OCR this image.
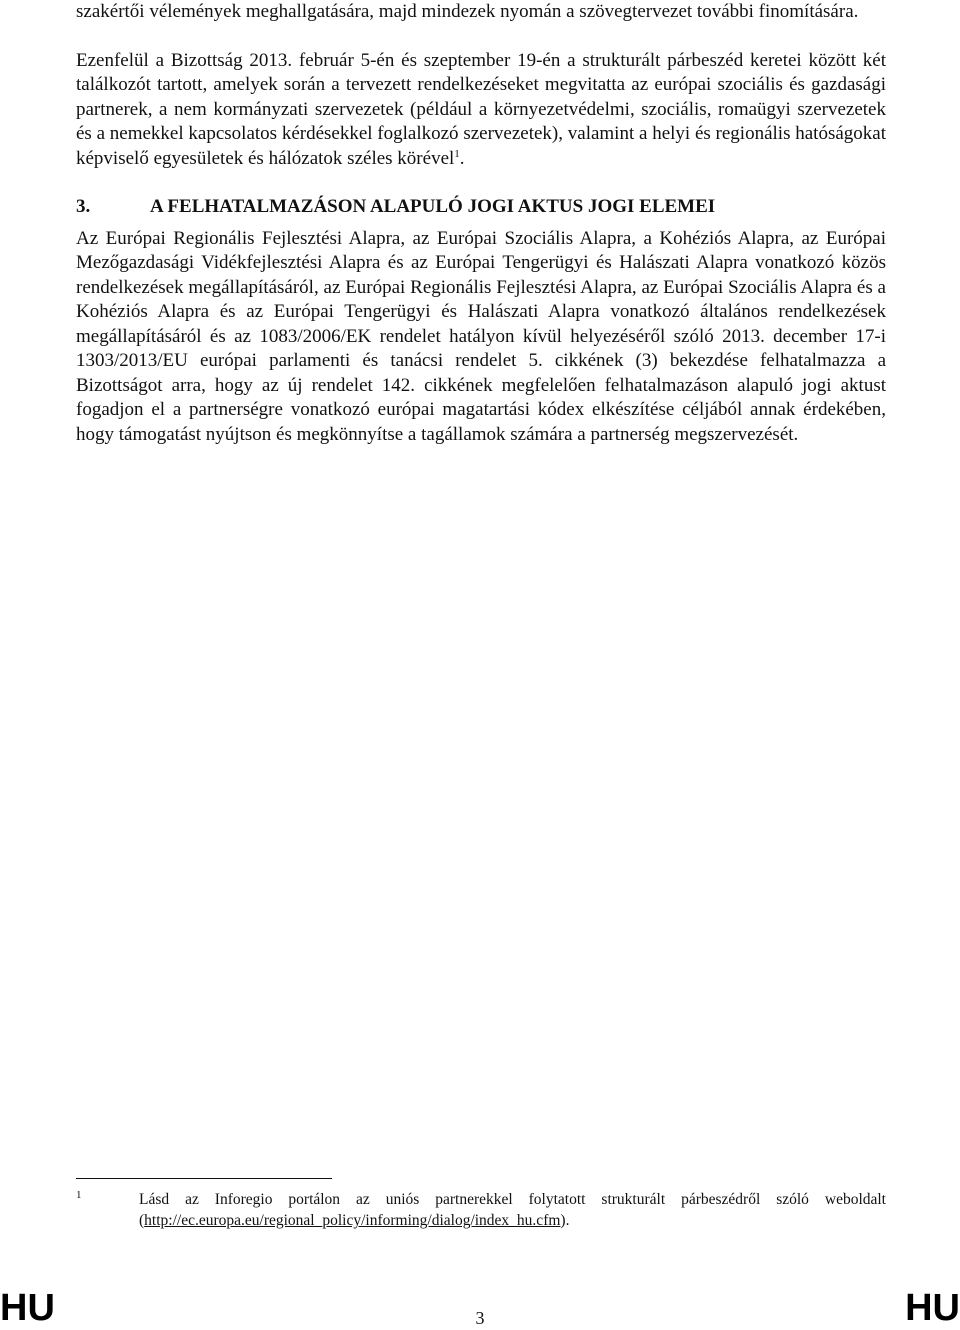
szakértői vélemények meghallgatására, majd mindezek nyomán a szövegtervezet további finomítására.

Ezenfelül a Bizottság 2013. február 5-én és szeptember 19-én a strukturált párbeszéd keretei között két találkozót tartott, amelyek során a tervezett rendelkezéseket megvitatta az európai szociális és gazdasági partnerek, a nem kormányzati szervezetek (például a környezetvédelmi, szociális, romaügyi szervezetek és a nemekkel kapcsolatos kérdésekkel foglalkozó szervezetek), valamint a helyi és regionális hatóságokat képviselő egyesületek és hálózatok széles körével$^1$.

3.	A FELHATALMAZÁSON ALAPULÓ JOGI AKTUS JOGI ELEMEI

Az Európai Regionális Fejlesztési Alapra, az Európai Szociális Alapra, a Kohéziós Alapra, az Európai Mezőgazdasági Vidékfejlesztési Alapra és az Európai Tengerügyi és Halászati Alapra vonatkozó közös rendelkezések megállapításáról, az Európai Regionális Fejlesztési Alapra, az Európai Szociális Alapra és a Kohéziós Alapra és az Európai Tengerügyi és Halászati Alapra vonatkozó általános rendelkezések megállapításáról és az 1083/2006/EK rendelet hatályon kívül helyezéséről szóló 2013. december 17-i 1303/2013/EU európai parlamenti és tanácsi rendelet 5. cikkének (3) bekezdése felhatalmazza a Bizottságot arra, hogy az új rendelet 142. cikkének megfelelően felhatalmazáson alapuló jogi aktust fogadjon el a partnerségre vonatkozó európai magatartási kódex elkészítése céljából annak érdekében, hogy támogatást nyújtson és megkönnyítse a tagállamok számára a partnerség megszervezését.

1	Lásd az Inforegio portálon az uniós partnerekkel folytatott strukturált párbeszédről szóló weboldalt (http://ec.europa.eu/regional_policy/informing/dialog/index_hu.cfm).
HU	3	HU
